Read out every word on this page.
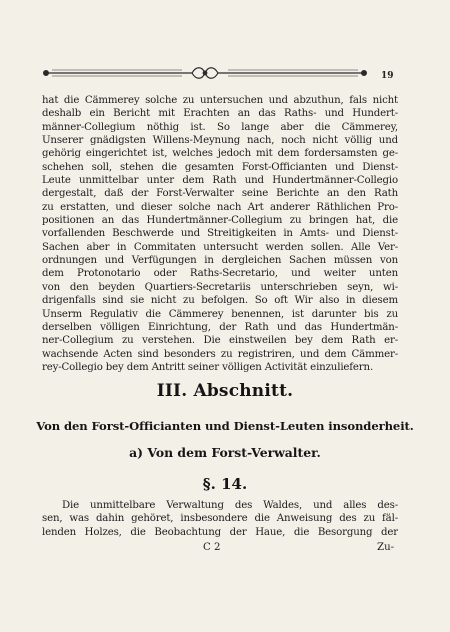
19
hat die Cämmerey solche zu untersuchen und abzuthun, fals nicht
deshalb ein Bericht mit Erachten an das Raths- und Hundert-
männer-Collegium nöthig ist. So lange aber die Cämmerey,
Unserer gnädigsten Willens-Meynung nach, noch nicht völlig und
gehörig eingerichtet ist, welches jedoch mit dem fordersamsten ge-
schehen soll, stehen die gesamten Forst-Officianten und Dienst-
Leute unmittelbar unter dem Rath und Hundertmänner-Collegio
dergestalt, daß der Forst-Verwalter seine Berichte an den Rath
zu erstatten, und dieser solche nach Art anderer Räthlichen Pro-
positionen an das Hundertmänner-Collegium zu bringen hat, die
vorfallenden Beschwerde und Streitigkeiten in Amts- und Dienst-
Sachen aber in Commitaten untersucht werden sollen. Alle Ver-
ordnungen und Verfügungen in dergleichen Sachen müssen von
dem Protonotario oder Raths-Secretario, und weiter unten
von den beyden Quartiers-Secretariis unterschrieben seyn, wi-
drigenfalls sind sie nicht zu befolgen. So oft Wir also in diesem
Unserm Regulativ die Cämmerey benennen, ist darunter bis zu
derselben völligen Einrichtung, der Rath und das Hundertmän-
ner-Collegium zu verstehen. Die einstweilen bey dem Rath er-
wachsende Acten sind besonders zu registriren, und dem Cämmer-
rey-Collegio bey dem Antritt seiner völligen Activität einzuliefern.
III. Abschnitt.
Von den Forst-Officianten und Dienst-Leuten insonderheit.
a) Von dem Forst-Verwalter.
§. 14.
Die unmittelbare Verwaltung des Waldes, und alles des-
sen, was dahin gehöret, insbesondere die Anweisung des zu fäl-
lenden Holzes, die Beobachtung der Haue, die Besorgung der
C 2	Zu-
